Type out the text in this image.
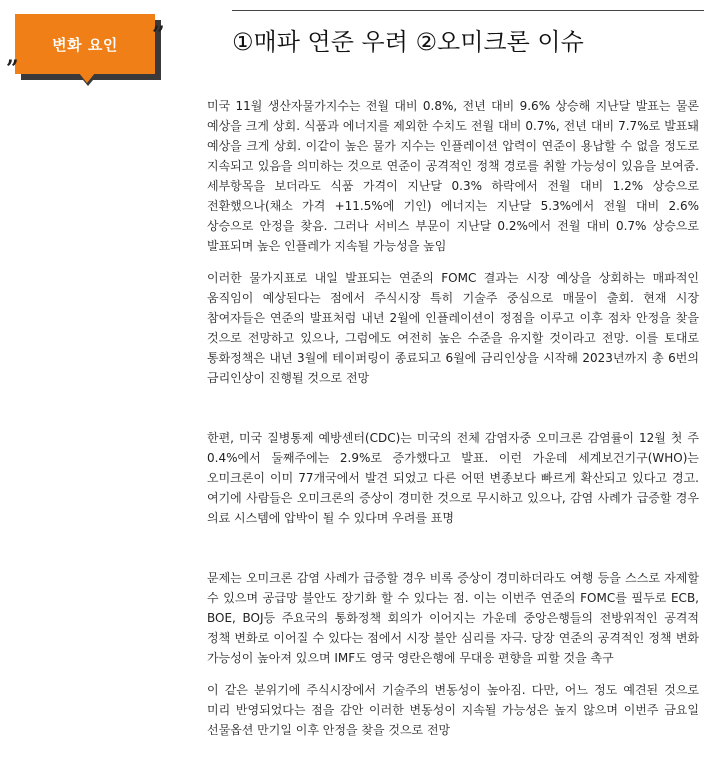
변화 요인	”
”
①매파 연준 우려 ②오미크론 이슈

미국 11월 생산자물가지수는 전월 대비 0.8%, 전년 대비 9.6% 상승해 지난달 발표는 물론 예상을 크게 상회. 식품과 에너지를 제외한 수치도 전월 대비 0.7%, 전년 대비 7.7%로 발표돼 예상을 크게 상회. 이같이 높은 물가 지수는 인플레이션 압력이 연준이 용납할 수 없을 정도로 지속되고 있음을 의미하는 것으로 연준이 공격적인 정책 경로를 취할 가능성이 있음을 보여줌. 세부항목을 보더라도 식품 가격이 지난달 0.3% 하락에서 전월 대비 1.2% 상승으로 전환했으나(채소 가격 +11.5%에 기인) 에너지는 지난달 5.3%에서 전월 대비 2.6% 상승으로 안정을 찾음. 그러나 서비스 부문이 지난달 0.2%에서 전월 대비 0.7% 상승으로 발표되며 높은 인플레가 지속될 가능성을 높임

이러한 물가지표로 내일 발표되는 연준의 FOMC 결과는 시장 예상을 상회하는 매파적인 움직임이 예상된다는 점에서 주식시장 특히 기술주 중심으로 매물이 출회. 현재 시장 참여자들은 연준의 발표처럼 내년 2월에 인플레이션이 정점을 이루고 이후 점차 안정을 찾을 것으로 전망하고 있으나, 그럼에도 여전히 높은 수준을 유지할 것이라고 전망. 이를 토대로 통화정책은 내년 3월에 테이퍼링이 종료되고 6월에 금리인상을 시작해 2023년까지 총 6번의 금리인상이 진행될 것으로 전망

한편, 미국 질병통제 예방센터(CDC)는 미국의 전체 감염자중 오미크론 감염률이 12월 첫 주 0.4%에서 둘째주에는 2.9%로 증가했다고 발표. 이런 가운데 세계보건기구(WHO)는 오미크론이 이미 77개국에서 발견 되었고 다른 어떤 변종보다 빠르게 확산되고 있다고 경고. 여기에 사람들은 오미크론의 증상이 경미한 것으로 무시하고 있으나, 감염 사례가 급증할 경우 의료 시스템에 압박이 될 수 있다며 우려를 표명

문제는 오미크론 감염 사례가 급증할 경우 비록 증상이 경미하더라도 여행 등을 스스로 자제할 수 있으며 공급망 불안도 장기화 할 수 있다는 점. 이는 이번주 연준의 FOMC를 필두로 ECB, BOE, BOJ등 주요국의 통화정책 회의가 이어지는 가운데 중앙은행들의 전방위적인 공격적 정책 변화로 이어질 수 있다는 점에서 시장 불안 심리를 자극. 당장 연준의 공격적인 정책 변화 가능성이 높아져 있으며 IMF도 영국 영란은행에 무대응 편향을 피할 것을 촉구

이 같은 분위기에 주식시장에서 기술주의 변동성이 높아짐. 다만, 어느 정도 예견된 것으로 미리 반영되었다는 점을 감안 이러한 변동성이 지속될 가능성은 높지 않으며 이번주 금요일 선물옵션 만기일 이후 안정을 찾을 것으로 전망
